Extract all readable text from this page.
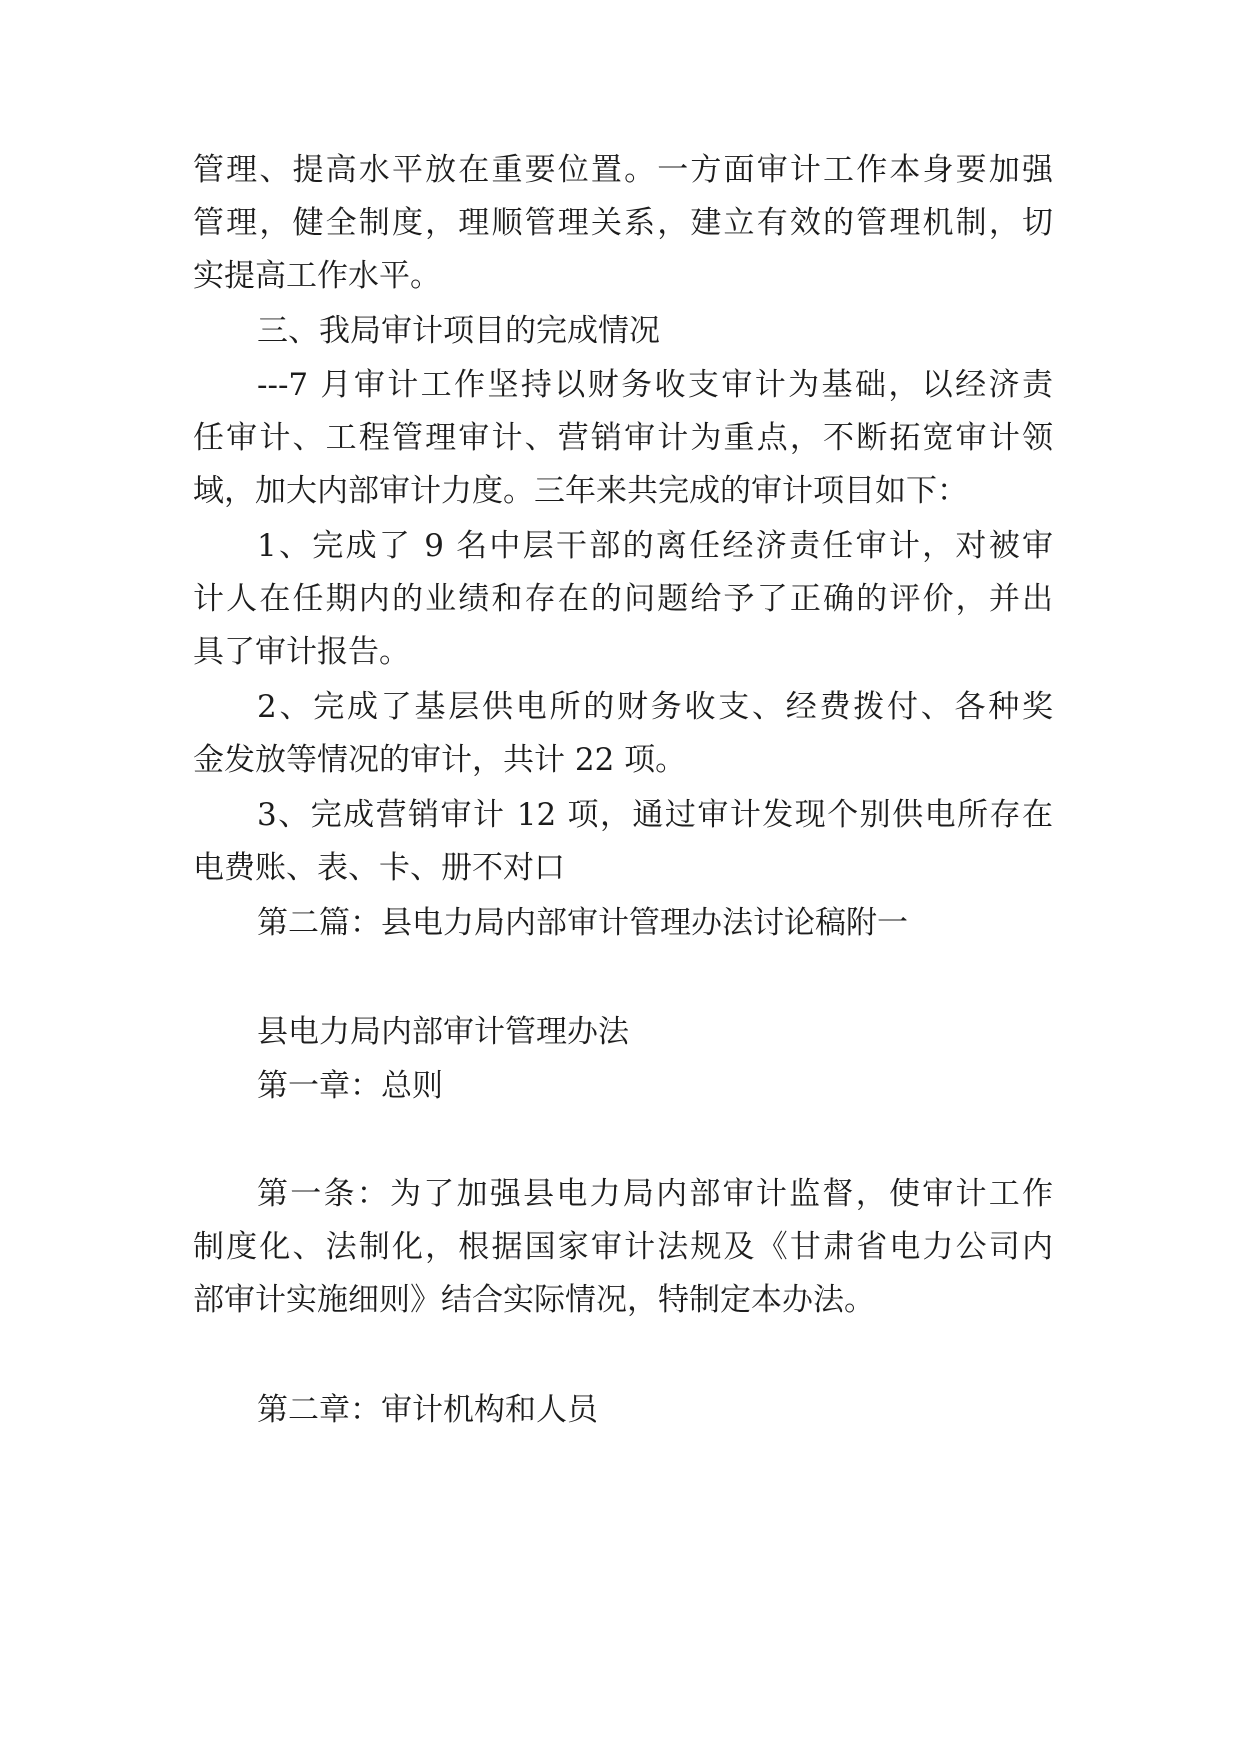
管理、提高水平放在重要位置。一方面审计工作本身要加强
管理，健全制度，理顺管理关系，建立有效的管理机制，切
实提高工作水平。
三、我局审计项目的完成情况
---7 月审计工作坚持以财务收支审计为基础，以经济责
任审计、工程管理审计、营销审计为重点，不断拓宽审计领
域，加大内部审计力度。三年来共完成的审计项目如下：
1、完成了 9 名中层干部的离任经济责任审计，对被审
计人在任期内的业绩和存在的问题给予了正确的评价，并出
具了审计报告。
2、完成了基层供电所的财务收支、经费拨付、各种奖
金发放等情况的审计，共计 22 项。
3、完成营销审计 12 项，通过审计发现个别供电所存在
电费账、表、卡、册不对口
第二篇：县电力局内部审计管理办法讨论稿附一
县电力局内部审计管理办法
第一章：总则
第一条：为了加强县电力局内部审计监督，使审计工作
制度化、法制化，根据国家审计法规及《甘肃省电力公司内
部审计实施细则》结合实际情况，特制定本办法。
第二章：审计机构和人员
